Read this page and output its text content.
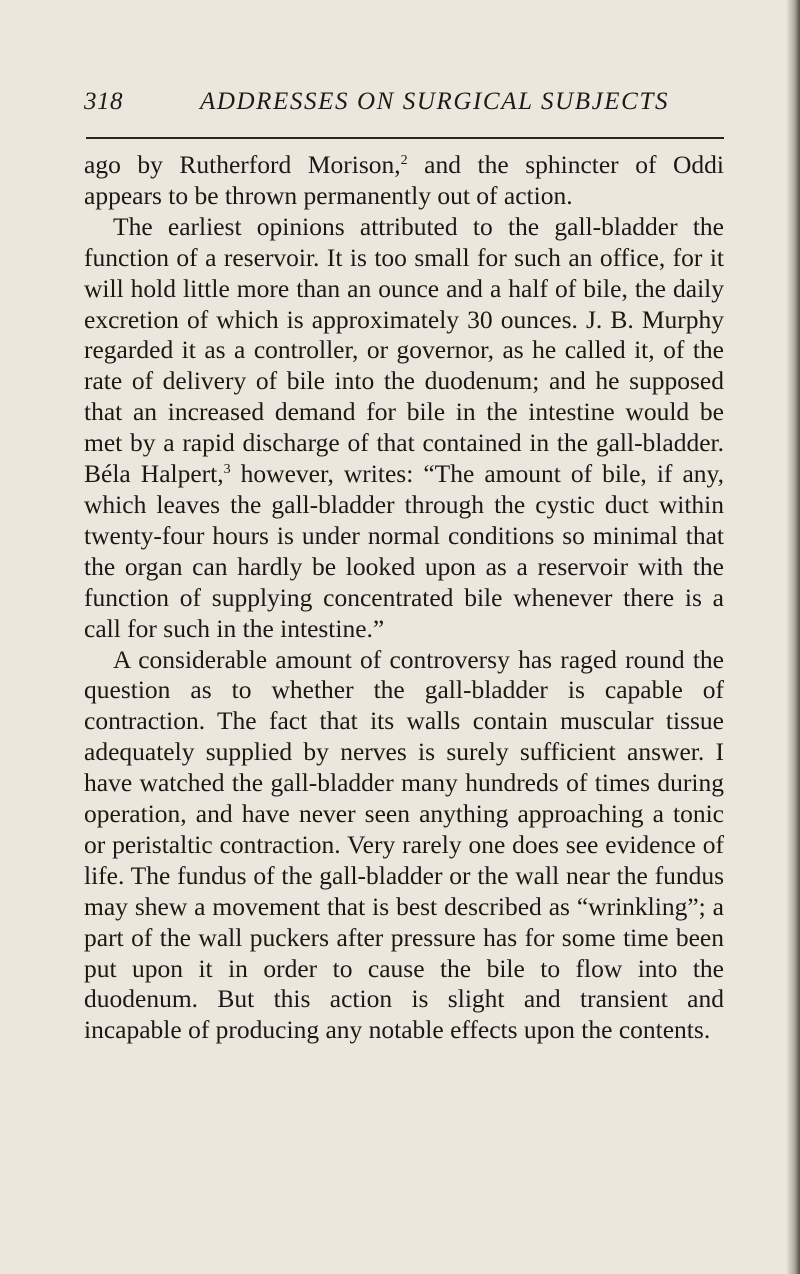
318	ADDRESSES ON SURGICAL SUBJECTS

ago by Rutherford Morison,$^2$ and the sphincter of Oddi appears to be thrown permanently out of action.

The earliest opinions attributed to the gall-bladder the function of a reservoir. It is too small for such an office, for it will hold little more than an ounce and a half of bile, the daily excretion of which is approximately 30 ounces. J. B. Murphy regarded it as a controller, or governor, as he called it, of the rate of delivery of bile into the duodenum; and he supposed that an increased demand for bile in the intestine would be met by a rapid discharge of that contained in the gall-bladder. Béla Halpert,$^3$ however, writes: “The amount of bile, if any, which leaves the gall-bladder through the cystic duct within twenty-four hours is under normal conditions so minimal that the organ can hardly be looked upon as a reservoir with the function of supplying concentrated bile whenever there is a call for such in the intestine.”

A considerable amount of controversy has raged round the question as to whether the gall-bladder is capable of contraction. The fact that its walls contain muscular tissue adequately supplied by nerves is surely sufficient answer. I have watched the gall-bladder many hundreds of times during operation, and have never seen anything approaching a tonic or peristaltic contraction. Very rarely one does see evidence of life. The fundus of the gall-bladder or the wall near the fundus may shew a movement that is best described as “wrinkling”; a part of the wall puckers after pressure has for some time been put upon it in order to cause the bile to flow into the duodenum. But this action is slight and transient and incapable of producing any notable effects upon the contents.
